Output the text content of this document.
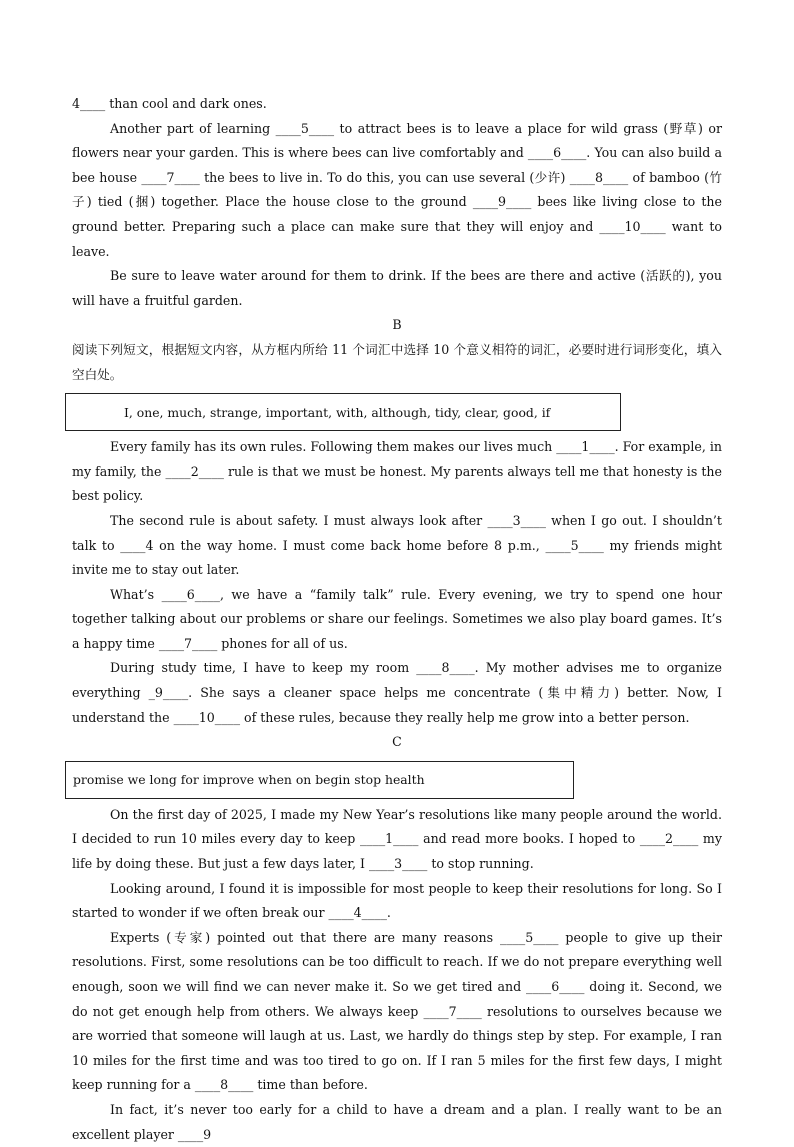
4____ than cool and dark ones.

Another part of learning ____5____ to attract bees is to leave a place for wild grass (野草) or flowers near your garden. This is where bees can live comfortably and ____6____. You can also build a bee house ____7____ the bees to live in. To do this, you can use several (少许) ____8____ of bamboo (竹子) tied (捆) together. Place the house close to the ground ____9____ bees like living close to the ground better. Preparing such a place can make sure that they will enjoy and ____10____ want to leave.

Be sure to leave water around for them to drink. If the bees are there and active (活跃的), you will have a fruitful garden.

B

阅读下列短文，根据短文内容，从方框内所给 11 个词汇中选择 10 个意义相符的词汇，必要时进行词形变化，填入空白处。

I, one, much, strange, important, with, although, tidy, clear, good, if

Every family has its own rules. Following them makes our lives much ____1____. For example, in my family, the ____2____ rule is that we must be honest. My parents always tell me that honesty is the best policy.

The second rule is about safety. I must always look after ____3____ when I go out. I shouldn’t talk to ____4 on the way home. I must come back home before 8 p.m., ____5____ my friends might invite me to stay out later.

What’s ____6____, we have a “family talk” rule. Every evening, we try to spend one hour together talking about our problems or share our feelings. Sometimes we also play board games. It’s a happy time ____7____ phones for all of us.

During study time, I have to keep my room ____8____. My mother advises me to organize everything _9____. She says a cleaner space helps me concentrate (集中精力) better. Now, I understand the ____10____ of these rules, because they really help me grow into a better person.

C

promise we long for improve when on begin stop health

On the first day of 2025, I made my New Year’s resolutions like many people around the world. I decided to run 10 miles every day to keep ____1____ and read more books. I hoped to ____2____ my life by doing these. But just a few days later, I ____3____ to stop running.

Looking around, I found it is impossible for most people to keep their resolutions for long. So I started to wonder if we often break our ____4____.

Experts (专家) pointed out that there are many reasons ____5____ people to give up their resolutions. First, some resolutions can be too difficult to reach. If we do not prepare everything well enough, soon we will find we can never make it. So we get tired and ____6____ doing it. Second, we do not get enough help from others. We always keep ____7____ resolutions to ourselves because we are worried that someone will laugh at us. Last, we hardly do things step by step. For example, I ran 10 miles for the first time and was too tired to go on. If I ran 5 miles for the first few days, I might keep running for a ____8____ time than before.

In fact, it’s never too early for a child to have a dream and a plan. I really want to be an excellent player ____9
